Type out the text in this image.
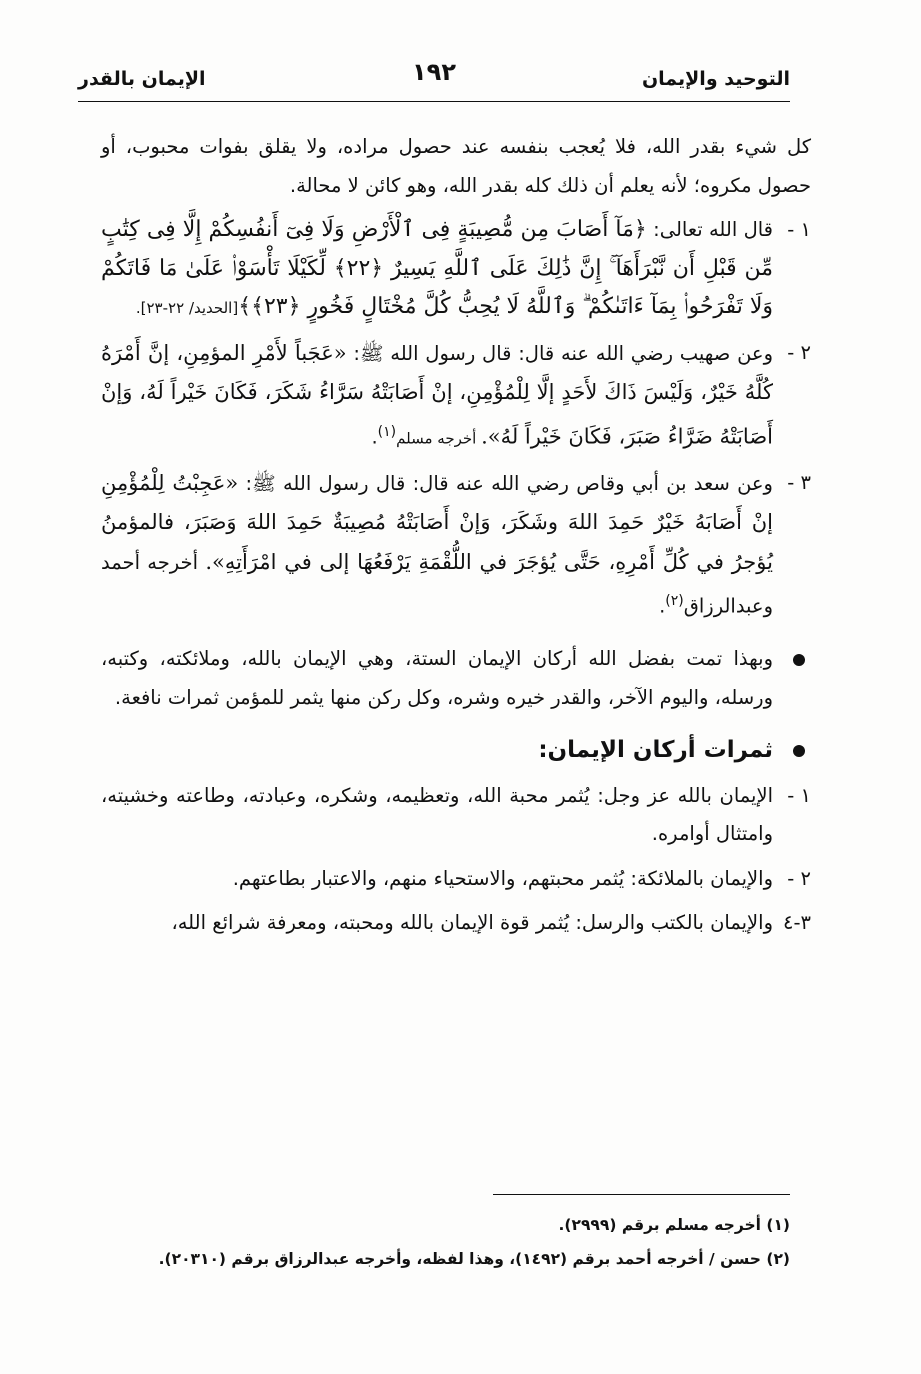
التوحيد والإيمان
١٩٢
الإيمان بالقدر

كل شيء بقدر الله، فلا يُعجب بنفسه عند حصول مراده، ولا يقلق بفوات محبوب، أو حصول مكروه؛ لأنه يعلم أن ذلك كله بقدر الله، وهو كائن لا محالة.

١ -
قال الله تعالى: ﴿مَآ أَصَابَ مِن مُّصِيبَةٍ فِى ٱلْأَرْضِ وَلَا فِىٓ أَنفُسِكُمْ إِلَّا فِى كِتَٰبٍ مِّن قَبْلِ أَن نَّبْرَأَهَآ ۚ إِنَّ ذَٰلِكَ عَلَى ٱللَّهِ يَسِيرٌ ﴿٢٢﴾ لِّكَيْلَا تَأْسَوْا۟ عَلَىٰ مَا فَاتَكُمْ وَلَا تَفْرَحُوا۟ بِمَآ ءَاتَىٰكُمْ ۗ وَٱللَّهُ لَا يُحِبُّ كُلَّ مُخْتَالٍ فَخُورٍ ﴿٢٣﴾﴾[الحديد/ ٢٢-٢٣].
٢ -
وعن صهيب رضي الله عنه قال: قال رسول الله ﷺ: «عَجَباً لأَمْرِ المؤمِنِ، إنَّ أَمْرَهُ كُلَّهُ خَيْرٌ، وَلَيْسَ ذَاكَ لأَحَدٍ إلَّا لِلْمُؤْمِنِ، إنْ أَصَابَتْهُ سَرَّاءُ شَكَرَ، فَكَانَ خَيْراً لَهُ، وَإنْ أَصَابَتْهُ ضَرَّاءُ صَبَرَ، فَكَانَ خَيْراً لَهُ». أخرجه مسلم$^{(١)}$.
٣ -
وعن سعد بن أبي وقاص رضي الله عنه قال: قال رسول الله ﷺ: «عَجِبْتُ لِلْمُؤْمِنِ إنْ أَصَابَهُ خَيْرٌ حَمِدَ اللهَ وشَكَرَ، وَإنْ أَصَابَتْهُ مُصِيبَةٌ حَمِدَ اللهَ وَصَبَرَ، فالمؤمنُ يُؤجرُ في كُلِّ أَمْرِهِ، حَتَّى يُؤجَرَ في اللُّقْمَةِ يَرْفَعُهَا إلى في امْرَأَتِهِ». أخرجه أحمد وعبدالرزاق$^{(٢)}$.
وبهذا تمت بفضل الله أركان الإيمان الستة، وهي الإيمان بالله، وملائكته، وكتبه، ورسله، واليوم الآخر، والقدر خيره وشره، وكل ركن منها يثمر للمؤمن ثمرات نافعة.
ثمرات أركان الإيمان:
١ -
الإيمان بالله عز وجل: يُثمر محبة الله، وتعظيمه، وشكره، وعبادته، وطاعته وخشيته، وامتثال أوامره.
٢ -
والإيمان بالملائكة: يُثمر محبتهم، والاستحياء منهم، والاعتبار بطاعتهم.
٣-٤
والإيمان بالكتب والرسل: يُثمر قوة الإيمان بالله ومحبته، ومعرفة شرائع الله،

(١) أخرجه مسلم برقم (٢٩٩٩).

(٢) حسن / أخرجه أحمد برقم (١٤٩٢)، وهذا لفظه، وأخرجه عبدالرزاق برقم (٢٠٣١٠).
